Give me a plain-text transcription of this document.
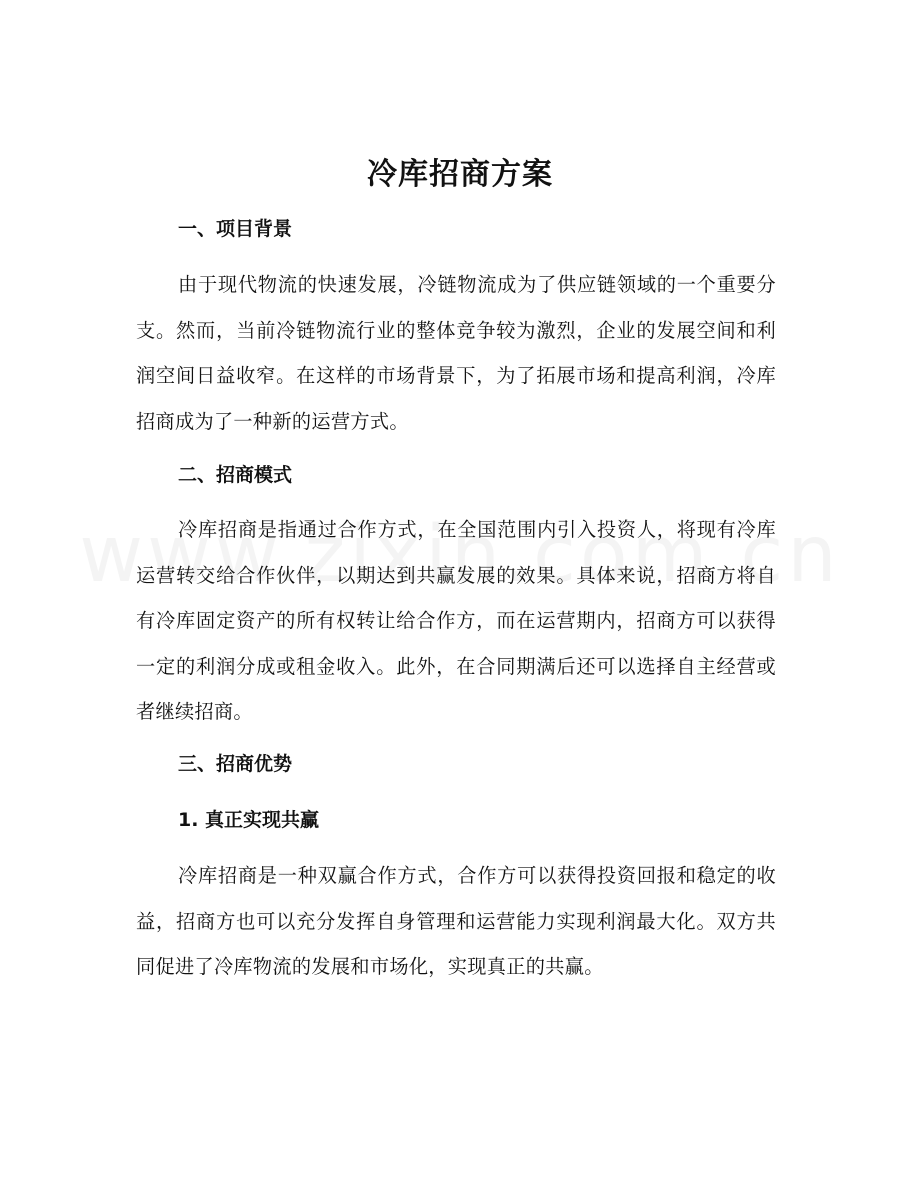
冷库招商方案
一、项目背景
由于现代物流的快速发展，冷链物流成为了供应链领域的一个重要分支。然而，当前冷链物流行业的整体竞争较为激烈，企业的发展空间和利润空间日益收窄。在这样的市场背景下，为了拓展市场和提高利润，冷库招商成为了一种新的运营方式。
二、招商模式
冷库招商是指通过合作方式，在全国范围内引入投资人，将现有冷库运营转交给合作伙伴，以期达到共赢发展的效果。具体来说，招商方将自有冷库固定资产的所有权转让给合作方，而在运营期内，招商方可以获得一定的利润分成或租金收入。此外，在合同期满后还可以选择自主经营或者继续招商。
三、招商优势
1. 真正实现共赢
冷库招商是一种双赢合作方式，合作方可以获得投资回报和稳定的收益，招商方也可以充分发挥自身管理和运营能力实现利润最大化。双方共同促进了冷库物流的发展和市场化，实现真正的共赢。
